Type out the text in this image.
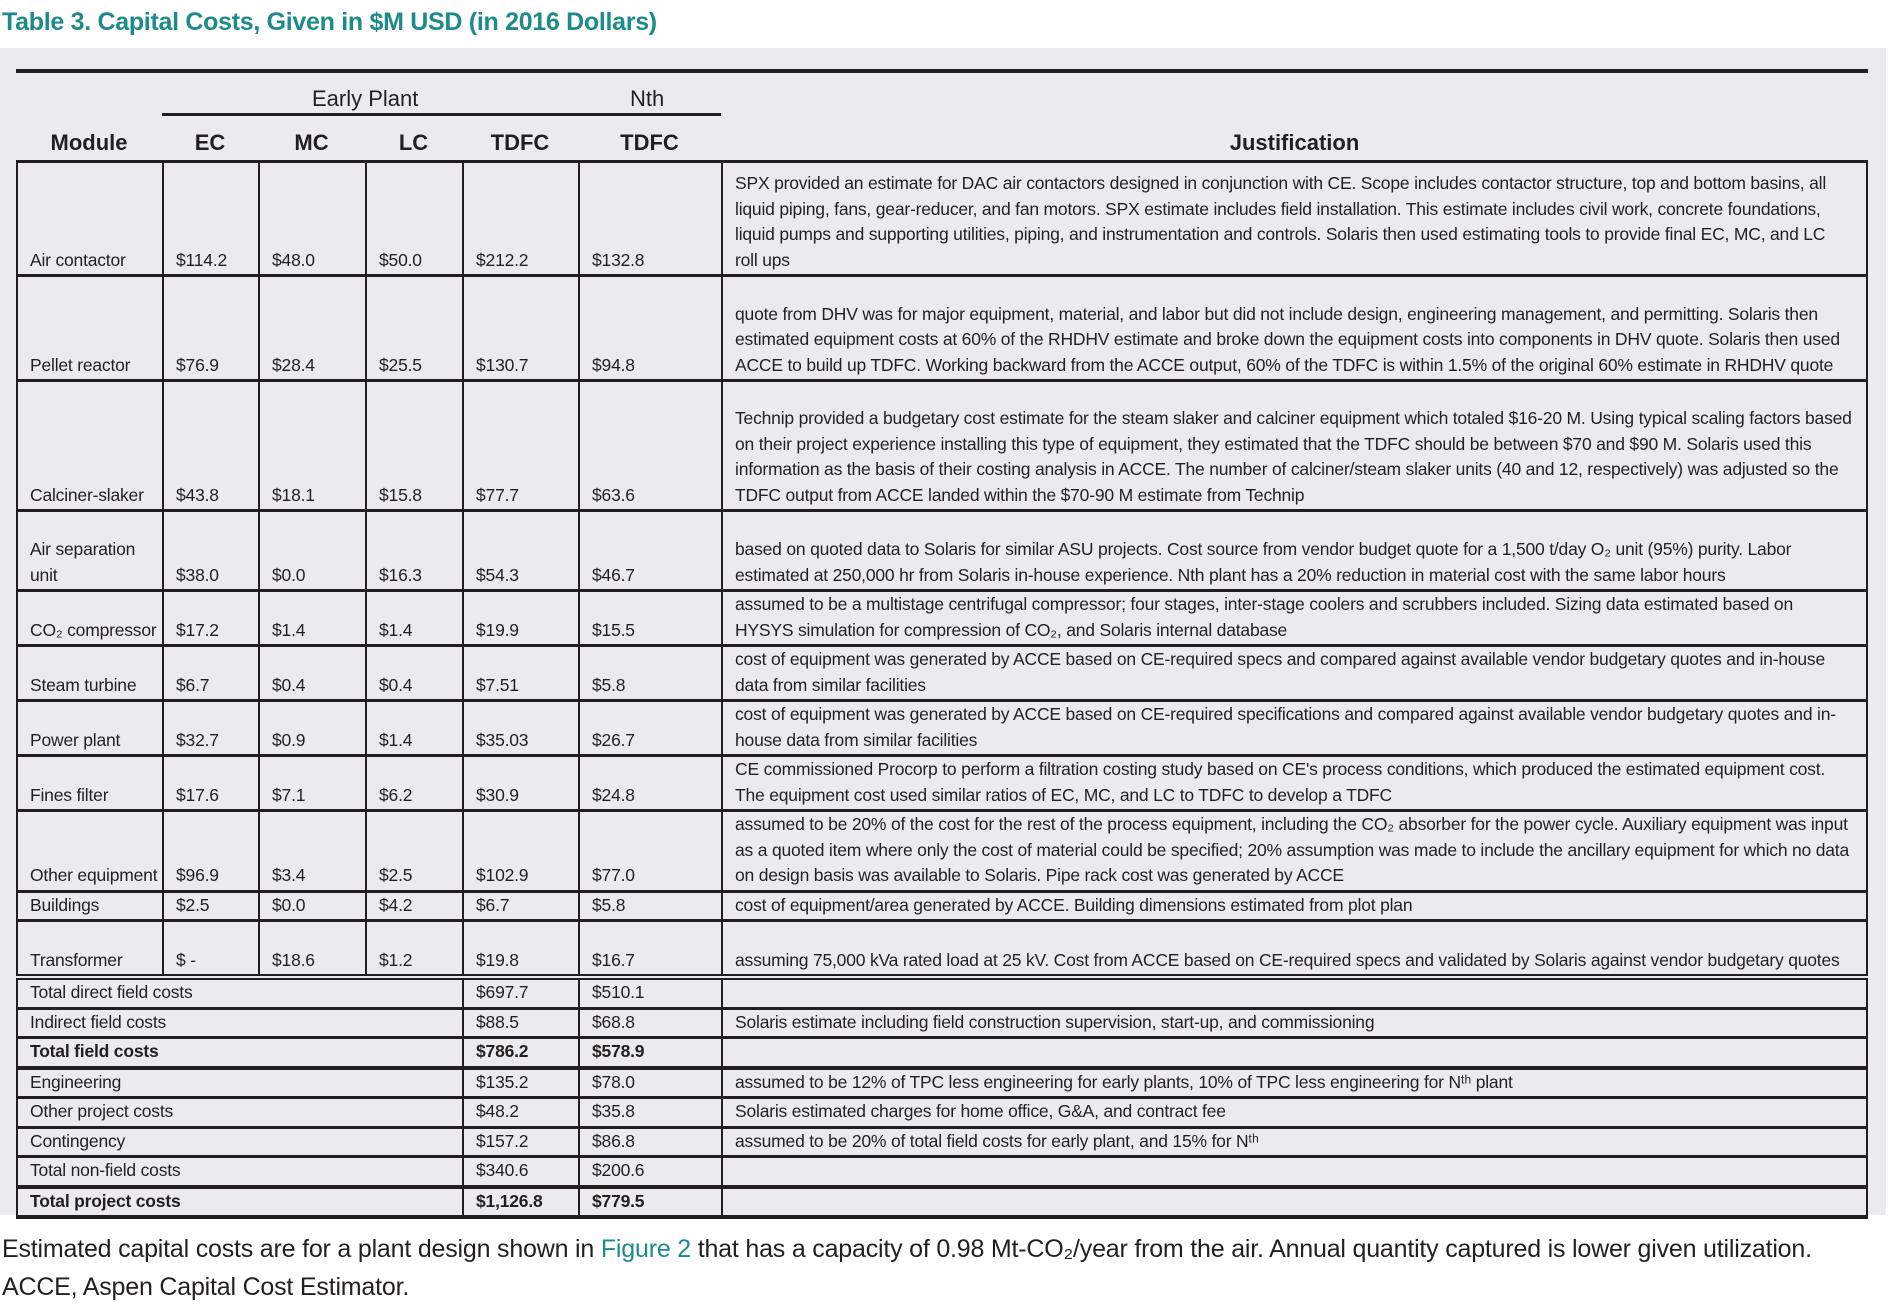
Table 3. Capital Costs, Given in $M USD (in 2016 Dollars)
Early Plant	Nth
Module	EC	MC	LC	TDFC	TDFC	Justification
Air contactor	$114.2	$48.0	$50.0	$212.2	$132.8	SPX provided an estimate for DAC air contactors designed in conjunction with CE. Scope includes contactor structure, top and bottom basins, all liquid piping, fans, gear-reducer, and fan motors. SPX estimate includes field installation. This estimate includes civil work, concrete foundations, liquid pumps and supporting utilities, piping, and instrumentation and controls. Solaris then used estimating tools to provide final EC, MC, and LC roll ups
Pellet reactor	$76.9	$28.4	$25.5	$130.7	$94.8	quote from DHV was for major equipment, material, and labor but did not include design, engineering management, and permitting. Solaris then estimated equipment costs at 60% of the RHDHV estimate and broke down the equipment costs into components in DHV quote. Solaris then used ACCE to build up TDFC. Working backward from the ACCE output, 60% of the TDFC is within 1.5% of the original 60% estimate in RHDHV quote
Calciner-slaker	$43.8	$18.1	$15.8	$77.7	$63.6	Technip provided a budgetary cost estimate for the steam slaker and calciner equipment which totaled $16-20 M. Using typical scaling factors based on their project experience installing this type of equipment, they estimated that the TDFC should be between $70 and $90 M. Solaris used this information as the basis of their costing analysis in ACCE. The number of calciner/steam slaker units (40 and 12, respectively) was adjusted so the TDFC output from ACCE landed within the $70-90 M estimate from Technip
Air separation unit	$38.0	$0.0	$16.3	$54.3	$46.7	based on quoted data to Solaris for similar ASU projects. Cost source from vendor budget quote for a 1,500 t/day O₂ unit (95%) purity. Labor estimated at 250,000 hr from Solaris in-house experience. Nth plant has a 20% reduction in material cost with the same labor hours
CO₂ compressor	$17.2	$1.4	$1.4	$19.9	$15.5	assumed to be a multistage centrifugal compressor; four stages, inter-stage coolers and scrubbers included. Sizing data estimated based on HYSYS simulation for compression of CO₂, and Solaris internal database
Steam turbine	$6.7	$0.4	$0.4	$7.51	$5.8	cost of equipment was generated by ACCE based on CE-required specs and compared against available vendor budgetary quotes and in-house data from similar facilities
Power plant	$32.7	$0.9	$1.4	$35.03	$26.7	cost of equipment was generated by ACCE based on CE-required specifications and compared against available vendor budgetary quotes and in-house data from similar facilities
Fines filter	$17.6	$7.1	$6.2	$30.9	$24.8	CE commissioned Procorp to perform a filtration costing study based on CE's process conditions, which produced the estimated equipment cost. The equipment cost used similar ratios of EC, MC, and LC to TDFC to develop a TDFC
Other equipment	$96.9	$3.4	$2.5	$102.9	$77.0	assumed to be 20% of the cost for the rest of the process equipment, including the CO₂ absorber for the power cycle. Auxiliary equipment was input as a quoted item where only the cost of material could be specified; 20% assumption was made to include the ancillary equipment for which no data on design basis was available to Solaris. Pipe rack cost was generated by ACCE
Buildings	$2.5	$0.0	$4.2	$6.7	$5.8	cost of equipment/area generated by ACCE. Building dimensions estimated from plot plan
Transformer	$ -	$18.6	$1.2	$19.8	$16.7	assuming 75,000 kVa rated load at 25 kV. Cost from ACCE based on CE-required specs and validated by Solaris against vendor budgetary quotes
Total direct field costs				$697.7	$510.1	
Indirect field costs				$88.5	$68.8	Solaris estimate including field construction supervision, start-up, and commissioning
Total field costs				$786.2	$578.9	
Engineering				$135.2	$78.0	assumed to be 12% of TPC less engineering for early plants, 10% of TPC less engineering for Nᵗʰ plant
Other project costs				$48.2	$35.8	Solaris estimated charges for home office, G&A, and contract fee
Contingency				$157.2	$86.8	assumed to be 20% of total field costs for early plant, and 15% for Nᵗʰ
Total non-field costs				$340.6	$200.6	
Total project costs				$1,126.8	$779.5	
Estimated capital costs are for a plant design shown in Figure 2 that has a capacity of 0.98 Mt-CO₂/year from the air. Annual quantity captured is lower given utilization. ACCE, Aspen Capital Cost Estimator.
